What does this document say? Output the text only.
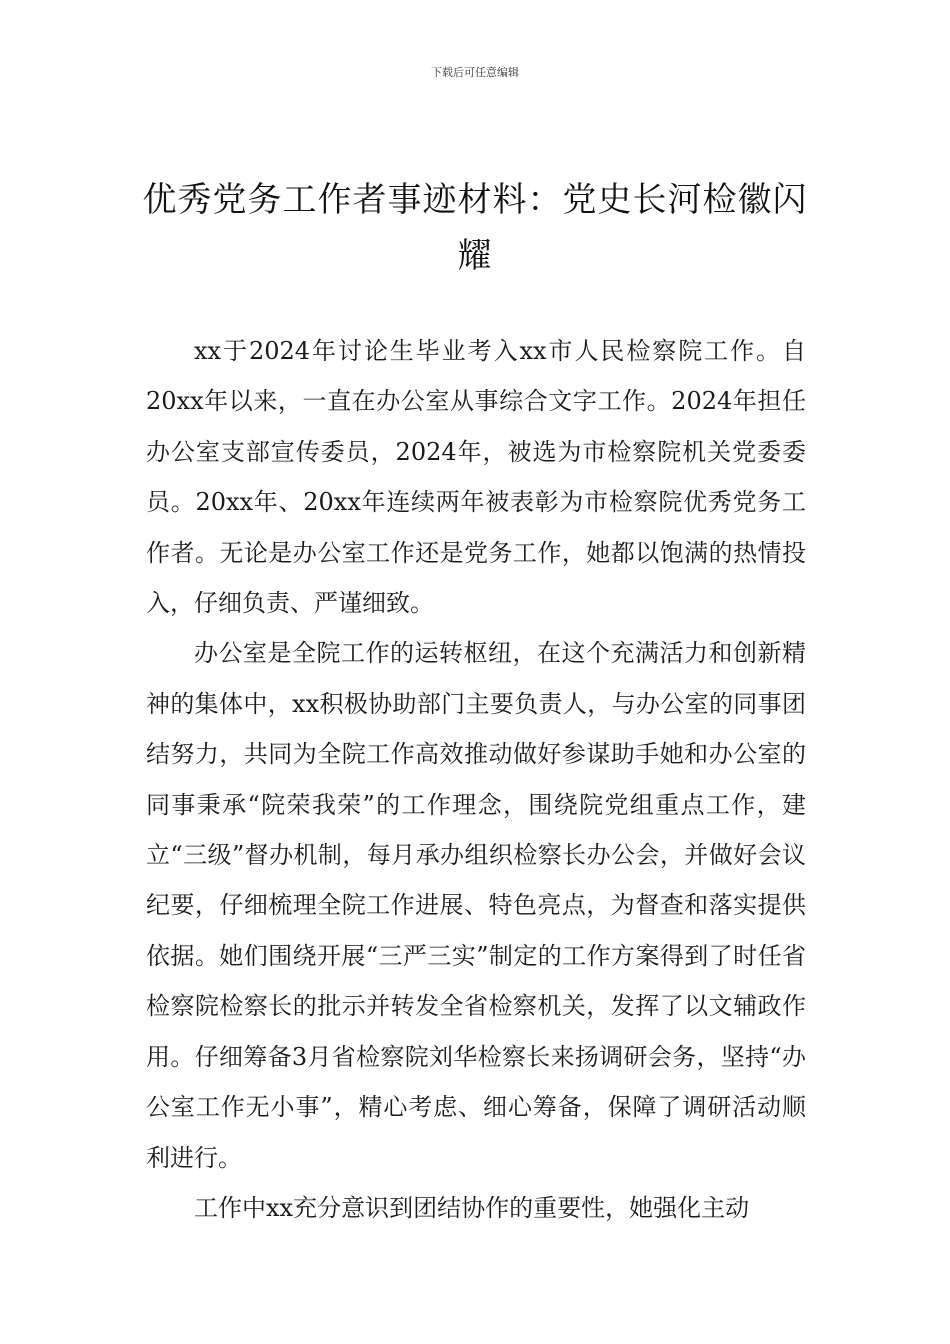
下载后可任意编辑
优秀党务工作者事迹材料：党史长河检徽闪耀

xx于2024年讨论生毕业考入xx市人民检察院工作。自20xx年以来，一直在办公室从事综合文字工作。2024年担任办公室支部宣传委员，2024年，被选为市检察院机关党委委员。20xx年、20xx年连续两年被表彰为市检察院优秀党务工作者。无论是办公室工作还是党务工作，她都以饱满的热情投入，仔细负责、严谨细致。

办公室是全院工作的运转枢纽，在这个充满活力和创新精神的集体中，xx积极协助部门主要负责人，与办公室的同事团结努力，共同为全院工作高效推动做好参谋助手她和办公室的同事秉承“院荣我荣”的工作理念，围绕院党组重点工作，建立“三级”督办机制，每月承办组织检察长办公会，并做好会议纪要，仔细梳理全院工作进展、特色亮点，为督查和落实提供依据。她们围绕开展“三严三实”制定的工作方案得到了时任省检察院检察长的批示并转发全省检察机关，发挥了以文辅政作用。仔细筹备3月省检察院刘华检察长来扬调研会务，坚持“办公室工作无小事”，精心考虑、细心筹备，保障了调研活动顺利进行。

工作中xx充分意识到团结协作的重要性，她强化主动
